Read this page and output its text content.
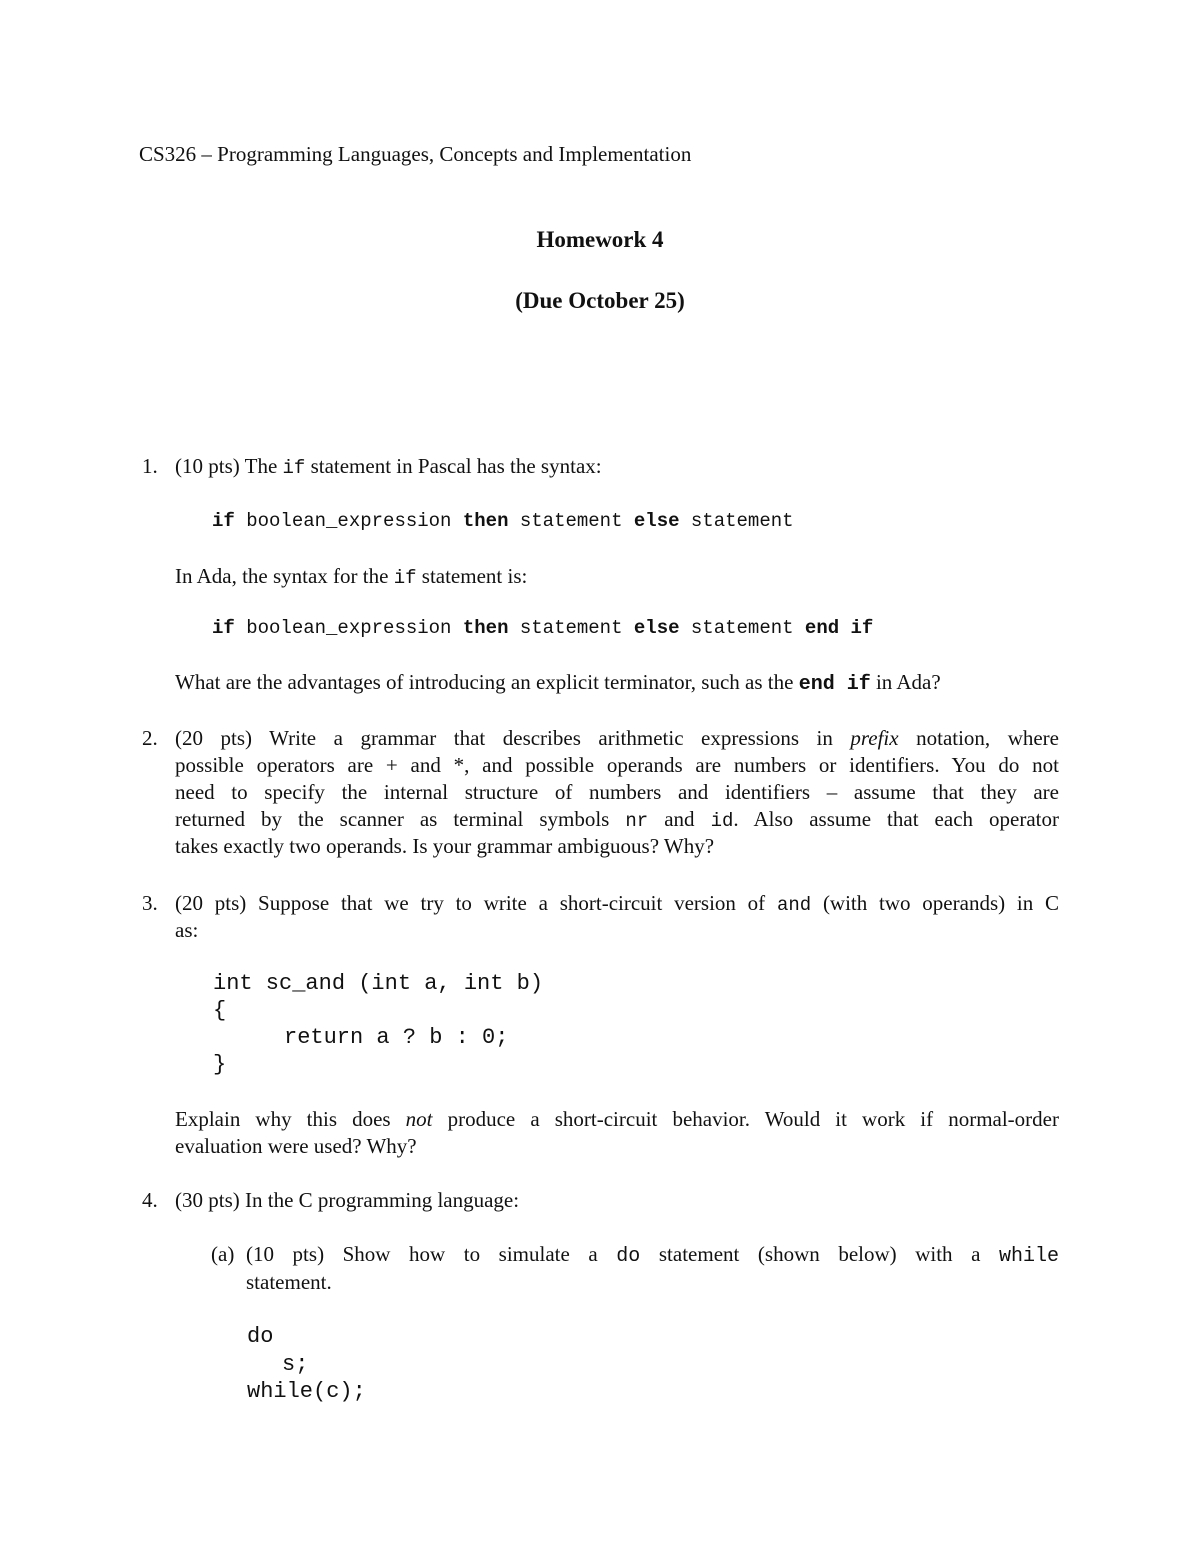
CS326 – Programming Languages, Concepts and Implementation
Homework 4
(Due October 25)
1. (10 pts) The if statement in Pascal has the syntax:
if boolean_expression then statement else statement
In Ada, the syntax for the if statement is:
if boolean_expression then statement else statement end if
What are the advantages of introducing an explicit terminator, such as the end if in Ada?
2. (20 pts) Write a grammar that describes arithmetic expressions in prefix notation, where
possible operators are + and *, and possible operands are numbers or identifiers. You do not
need to specify the internal structure of numbers and identifiers – assume that they are
returned by the scanner as terminal symbols nr and id. Also assume that each operator
takes exactly two operands. Is your grammar ambiguous? Why?
3. (20 pts) Suppose that we try to write a short-circuit version of and (with two operands) in C
as:
int sc_and (int a, int b)
{
return a ? b : 0;
}
Explain why this does not produce a short-circuit behavior. Would it work if normal-order
evaluation were used? Why?
4. (30 pts) In the C programming language:
(a) (10 pts) Show how to simulate a do statement (shown below) with a while
statement.
do
s;
while(c);
